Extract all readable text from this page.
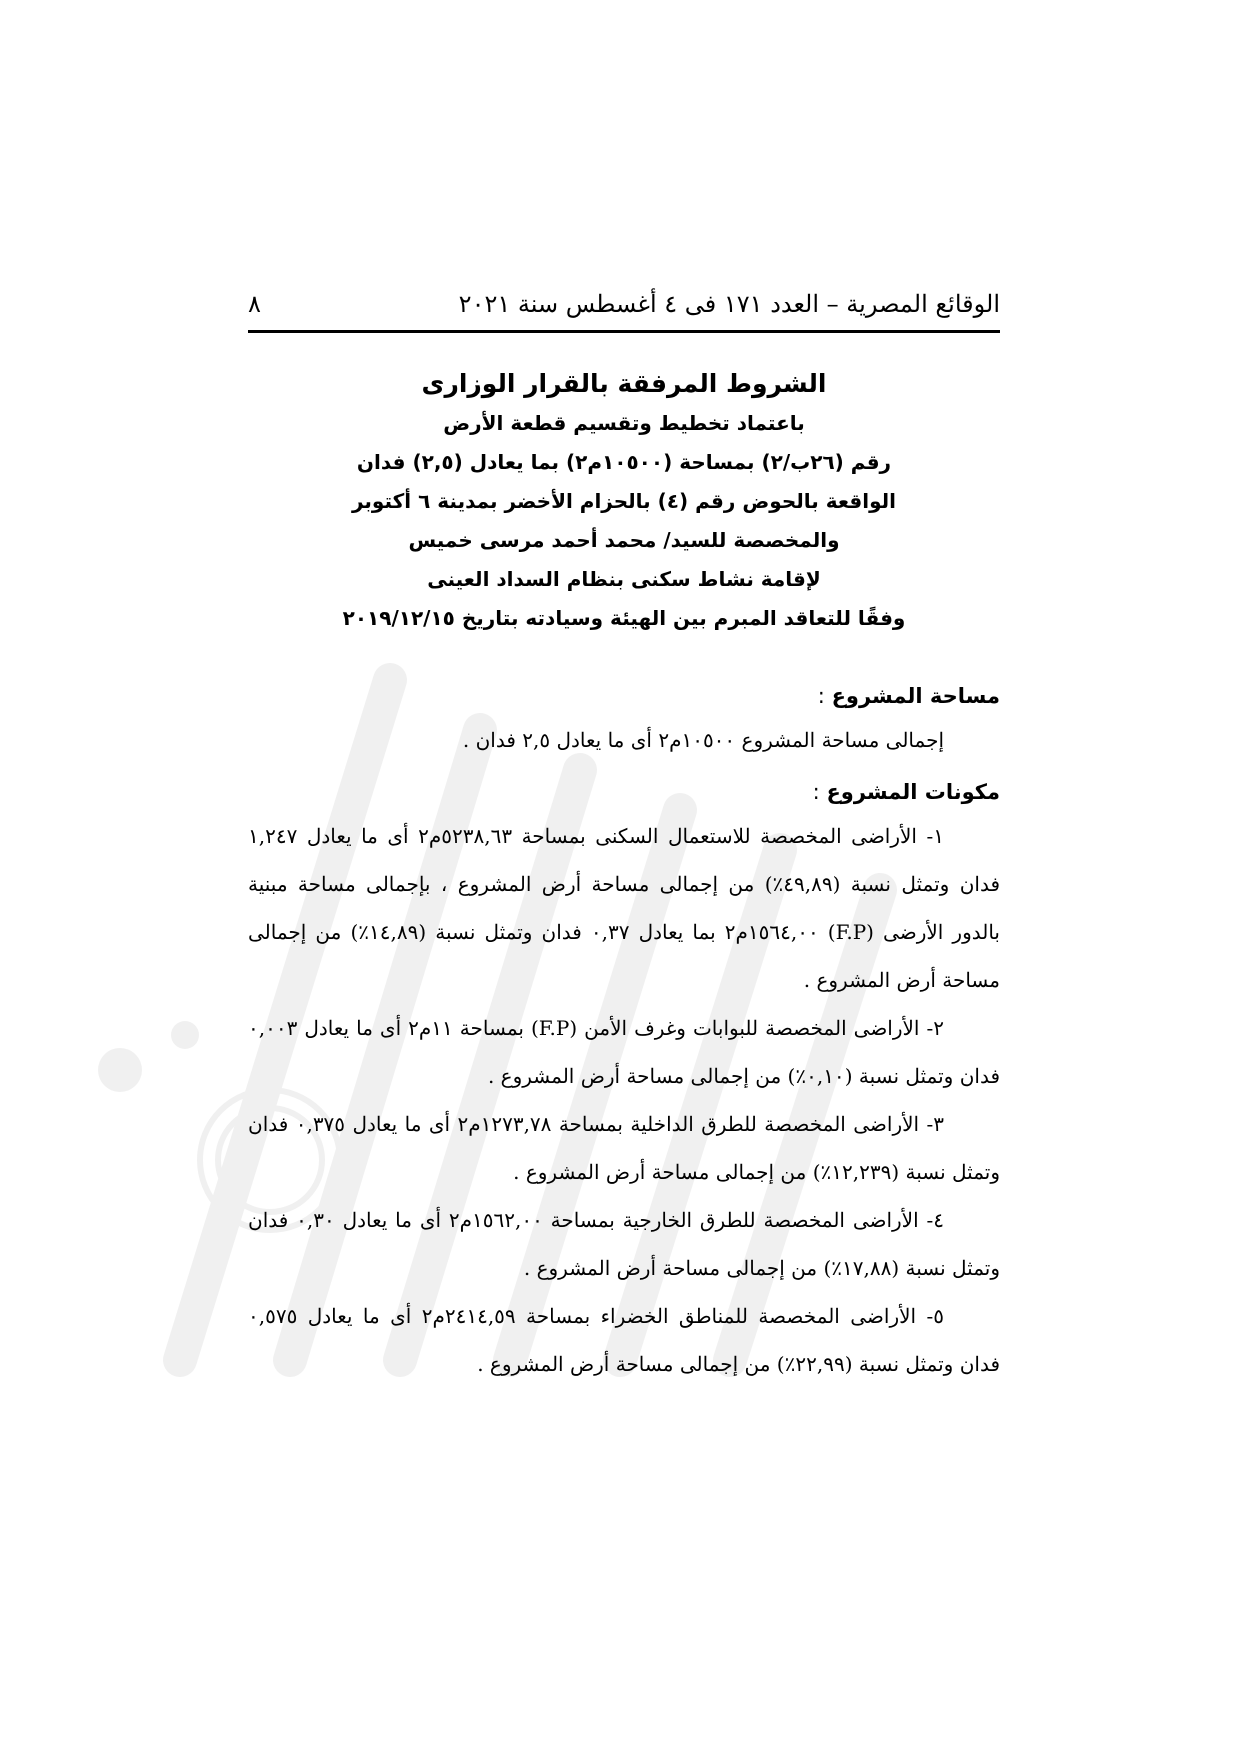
الوقائع المصرية – العدد ١٧١ فى ٤ أغسطس سنة ٢٠٢١
٨

الشروط المرفقة بالقرار الوزارى

باعتماد تخطيط وتقسيم قطعة الأرض

رقم (٢٦ب/٢) بمساحة (١٠٥٠٠م٢) بما يعادل (٢,٥) فدان

الواقعة بالحوض رقم (٤) بالحزام الأخضر بمدينة ٦ أكتوبر

والمخصصة للسيد/ محمد أحمد مرسى خميس

لإقامة نشاط سكنى بنظام السداد العينى

وفقًا للتعاقد المبرم بين الهيئة وسيادته بتاريخ ٢٠١٩/١٢/١٥

مساحة المشروع :

إجمالى مساحة المشروع ١٠٥٠٠م٢ أى ما يعادل ٢,٥ فدان .

مكونات المشروع :

١- الأراضى المخصصة للاستعمال السكنى بمساحة ٥٢٣٨,٦٣م٢ أى ما يعادل ١,٢٤٧ فدان وتمثل نسبة (٤٩,٨٩٪) من إجمالى مساحة أرض المشروع ، بإجمالى مساحة مبنية بالدور الأرضى (F.P) ١٥٦٤,٠٠م٢ بما يعادل ٠,٣٧ فدان وتمثل نسبة (١٤,٨٩٪) من إجمالى مساحة أرض المشروع .

٢- الأراضى المخصصة للبوابات وغرف الأمن (F.P) بمساحة ١١م٢ أى ما يعادل ٠,٠٠٣ فدان وتمثل نسبة (٠,١٠٪) من إجمالى مساحة أرض المشروع .

٣- الأراضى المخصصة للطرق الداخلية بمساحة ١٢٧٣,٧٨م٢ أى ما يعادل ٠,٣٧٥ فدان وتمثل نسبة (١٢,٢٣٩٪) من إجمالى مساحة أرض المشروع .

٤- الأراضى المخصصة للطرق الخارجية بمساحة ١٥٦٢,٠٠م٢ أى ما يعادل ٠,٣٠ فدان وتمثل نسبة (١٧,٨٨٪) من إجمالى مساحة أرض المشروع .

٥- الأراضى المخصصة للمناطق الخضراء بمساحة ٢٤١٤,٥٩م٢ أى ما يعادل ٠,٥٧٥ فدان وتمثل نسبة (٢٢,٩٩٪) من إجمالى مساحة أرض المشروع .
